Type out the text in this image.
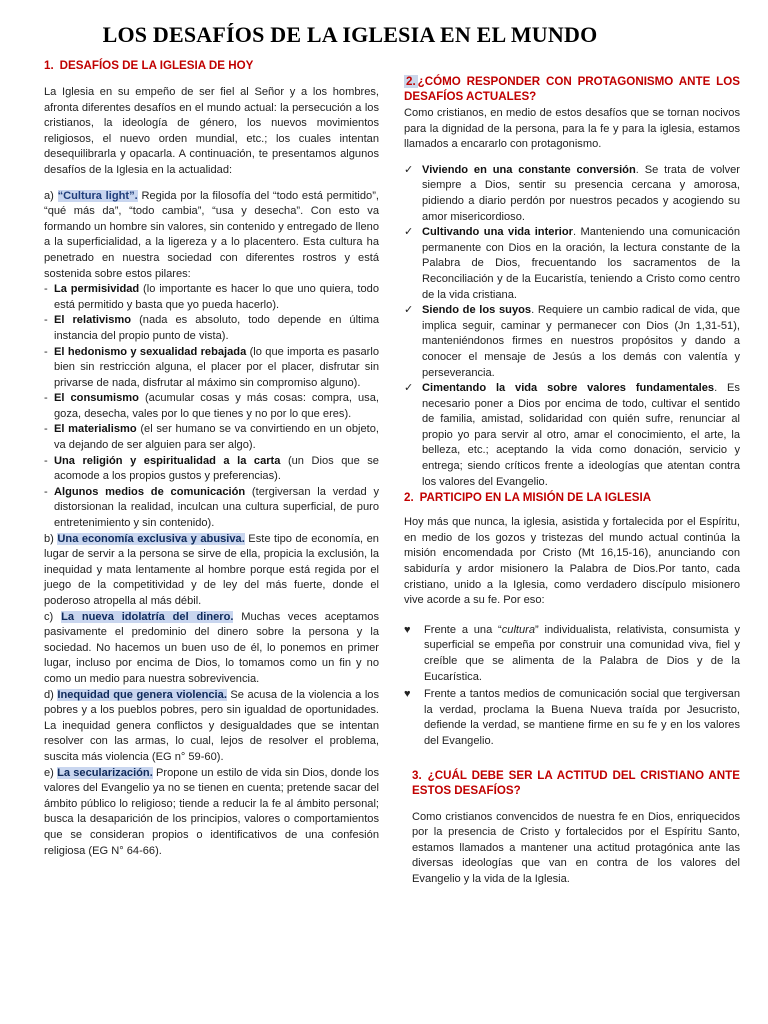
LOS DESAFÍOS DE LA IGLESIA EN EL MUNDO
1. DESAFÍOS DE LA IGLESIA DE HOY

La Iglesia en su empeño de ser fiel al Señor y a los hombres, afronta diferentes desafíos en el mundo actual: la persecución a los cristianos, la ideología de género, los nuevos movimientos religiosos, el nuevo orden mundial, etc.; los cuales intentan desequilibrarla y opacarla. A continuación, te presentamos algunos desafíos de la Iglesia en la actualidad:

a) “Cultura light”. Regida por la filosofía del “todo está permitido”, “qué más da”, “todo cambia”, “usa y desecha”. Con esto va formando un hombre sin valores, sin contenido y entregado de lleno a la superficialidad, a la ligereza y a lo placentero. Esta cultura ha penetrado en nuestra sociedad con diferentes rostros y está sostenida sobre estos pilares:

- La permisividad (lo importante es hacer lo que uno quiera, todo está permitido y basta que yo pueda hacerlo).
- El relativismo (nada es absoluto, todo depende en última instancia del propio punto de vista).
- El hedonismo y sexualidad rebajada (lo que importa es pasarlo bien sin restricción alguna, el placer por el placer, disfrutar sin privarse de nada, disfrutar al máximo sin compromiso alguno).
- El consumismo (acumular cosas y más cosas: compra, usa, goza, desecha, vales por lo que tienes y no por lo que eres).
- El materialismo (el ser humano se va convirtiendo en un objeto, va dejando de ser alguien para ser algo).
- Una religión y espiritualidad a la carta (un Dios que se acomode a los propios gustos y preferencias).
- Algunos medios de comunicación (tergiversan la verdad y distorsionan la realidad, inculcan una cultura superficial, de puro entretenimiento y sin contenido).

b) Una economía exclusiva y abusiva. Este tipo de economía, en lugar de servir a la persona se sirve de ella, propicia la exclusión, la inequidad y mata lentamente al hombre porque está regida por el juego de la competitividad y de ley del más fuerte, donde el poderoso atropella al más débil.

c) La nueva idolatría del dinero. Muchas veces aceptamos pasivamente el predominio del dinero sobre la persona y la sociedad. No hacemos un buen uso de él, lo ponemos en primer lugar, incluso por encima de Dios, lo tomamos como un fin y no como un medio para nuestra sobrevivencia.

d) Inequidad que genera violencia. Se acusa de la violencia a los pobres y a los pueblos pobres, pero sin igualdad de oportunidades. La inequidad genera conflictos y desigualdades que se intentan resolver con las armas, lo cual, lejos de resolver el problema, suscita más violencia (EG n° 59-60).

e) La secularización. Propone un estilo de vida sin Dios, donde los valores del Evangelio ya no se tienen en cuenta; pretende sacar del ámbito público lo religioso; tiende a reducir la fe al ámbito personal; busca la desaparición de los principios, valores o comportamientos que se consideran propios o identificativos de una confesión religiosa (EG N° 64-66).

2. ¿CÓMO RESPONDER CON PROTAGONISMO ANTE LOS DESAFÍOS ACTUALES?

Como cristianos, en medio de estos desafíos que se tornan nocivos para la dignidad de la persona, para la fe y para la iglesia, estamos llamados a encararlo con protagonismo.

✓ Viviendo en una constante conversión. Se trata de volver siempre a Dios, sentir su presencia cercana y amorosa, pidiendo a diario perdón por nuestros pecados y acogiendo su amor misericordioso.
✓ Cultivando una vida interior. Manteniendo una comunicación permanente con Dios en la oración, la lectura constante de la Palabra de Dios, frecuentando los sacramentos de la Reconciliación y de la Eucaristía, teniendo a Cristo como centro de la vida cristiana.
✓ Siendo de los suyos. Requiere un cambio radical de vida, que implica seguir, caminar y permanecer con Dios (Jn 1,31-51), manteniéndonos firmes en nuestros propósitos y dando a conocer el mensaje de Jesús a los demás con valentía y perseverancia.
✓ Cimentando la vida sobre valores fundamentales. Es necesario poner a Dios por encima de todo, cultivar el sentido de familia, amistad, solidaridad con quién sufre, renunciar al propio yo para servir al otro, amar el conocimiento, el arte, la belleza, etc.; aceptando la vida como donación, servicio y entrega; siendo críticos frente a ideologías que atentan contra los valores del Evangelio.
2. PARTICIPO EN LA MISIÓN DE LA IGLESIA

Hoy más que nunca, la iglesia, asistida y fortalecida por el Espíritu, en medio de los gozos y tristezas del mundo actual continúa la misión encomendada por Cristo (Mt 16,15-16), anunciando con sabiduría y ardor misionero la Palabra de Dios.Por tanto, cada cristiano, unido a la Iglesia, como verdadero discípulo misionero vive acorde a su fe. Por eso:

♥ Frente a una “cultura” individualista, relativista, consumista y superficial se empeña por construir una comunidad viva, fiel y creíble que se alimenta de la Palabra de Dios y de la Eucarística.
♥ Frente a tantos medios de comunicación social que tergiversan la verdad, proclama la Buena Nueva traída por Jesucristo, defiende la verdad, se mantiene firme en su fe y en los valores del Evangelio.
3. ¿CUÁL DEBE SER LA ACTITUD DEL CRISTIANO ANTE ESTOS DESAFÍOS?

Como cristianos convencidos de nuestra fe en Dios, enriquecidos por la presencia de Cristo y fortalecidos por el Espíritu Santo, estamos llamados a mantener una actitud protagónica ante las diversas ideologías que van en contra de los valores del Evangelio y la vida de la Iglesia.
